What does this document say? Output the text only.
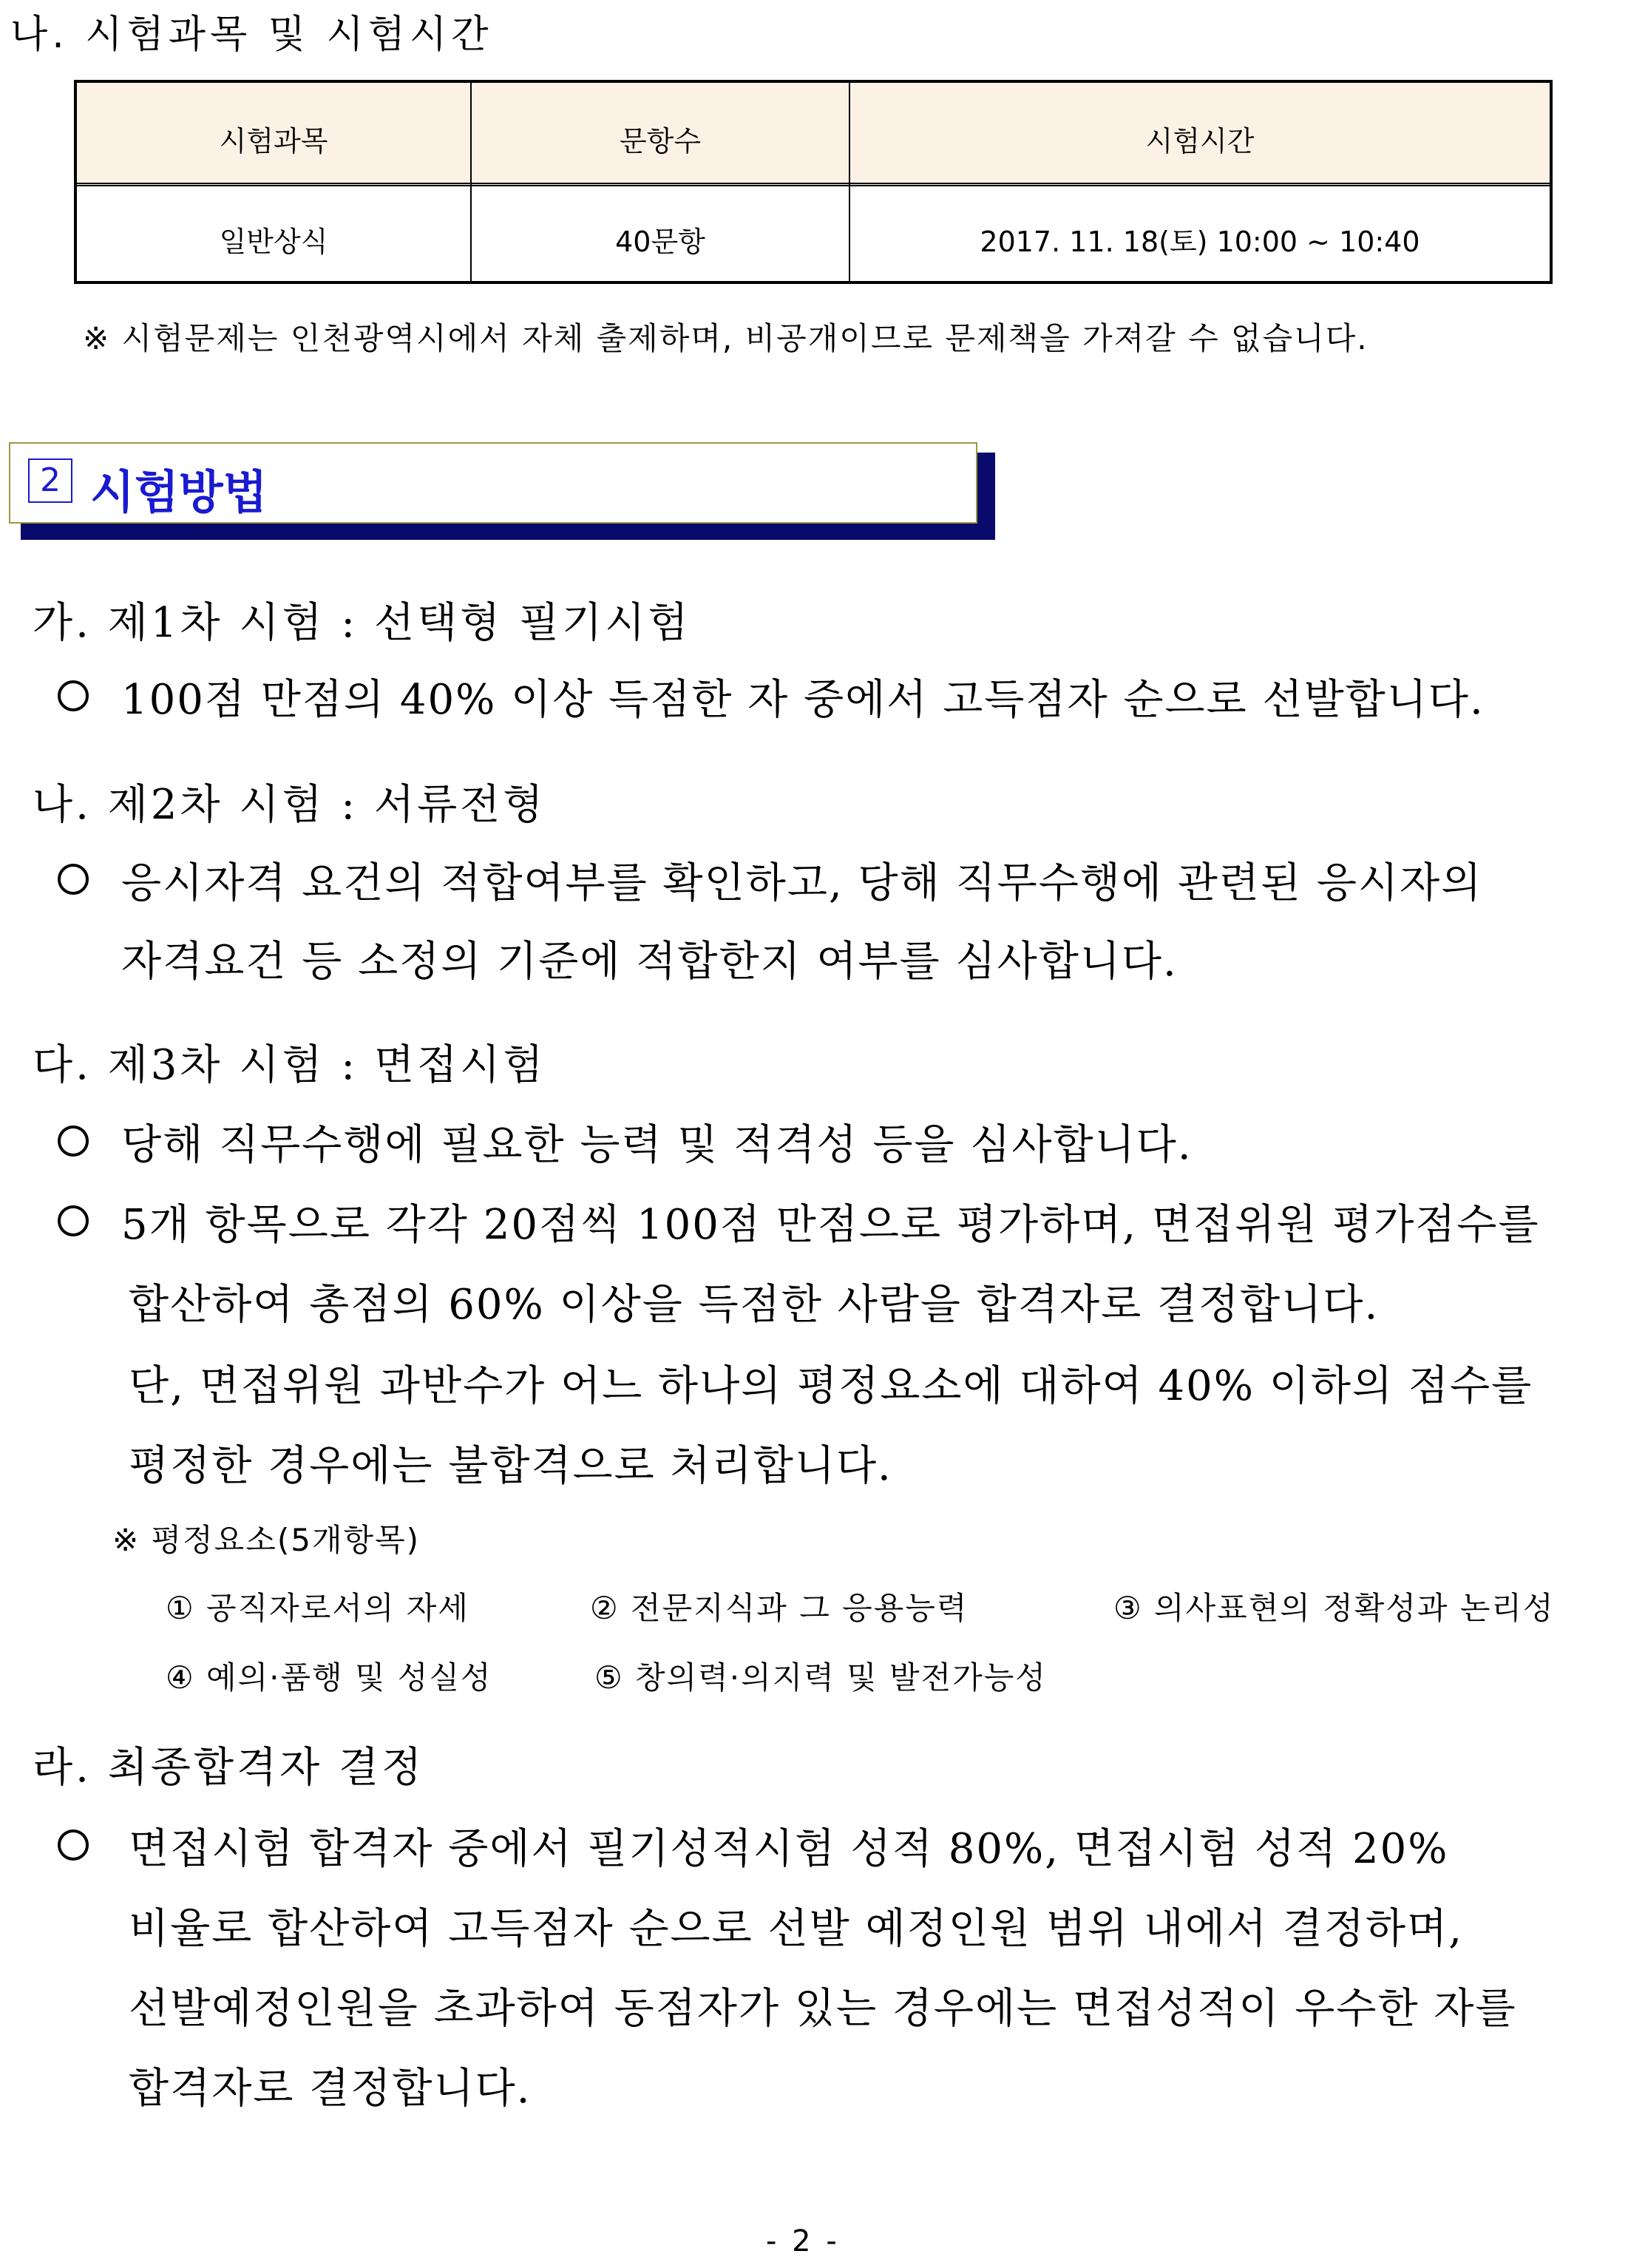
나. 시험과목 및 시험시간
시험과목	문항수	시험시간
일반상식	40문항	2017. 11. 18(토) 10:00 ~ 10:40
※ 시험문제는 인천광역시에서 자체 출제하며, 비공개이므로 문제책을 가져갈 수 없습니다.
2 시험방법
가. 제1차 시험 : 선택형 필기시험
100점 만점의 40% 이상 득점한 자 중에서 고득점자 순으로 선발합니다.
나. 제2차 시험 : 서류전형
응시자격 요건의 적합여부를 확인하고, 당해 직무수행에 관련된 응시자의
자격요건 등 소정의 기준에 적합한지 여부를 심사합니다.
다. 제3차 시험 : 면접시험
당해 직무수행에 필요한 능력 및 적격성 등을 심사합니다.
5개 항목으로 각각 20점씩 100점 만점으로 평가하며, 면접위원 평가점수를
합산하여 총점의 60% 이상을 득점한 사람을 합격자로 결정합니다.
단, 면접위원 과반수가 어느 하나의 평정요소에 대하여 40% 이하의 점수를
평정한 경우에는 불합격으로 처리합니다.
※ 평정요소(5개항목)
① 공직자로서의 자세	② 전문지식과 그 응용능력	③ 의사표현의 정확성과 논리성
④ 예의·품행 및 성실성	⑤ 창의력·의지력 및 발전가능성
라. 최종합격자 결정
면접시험 합격자 중에서 필기성적시험 성적 80%, 면접시험 성적 20%
비율로 합산하여 고득점자 순으로 선발 예정인원 범위 내에서 결정하며,
선발예정인원을 초과하여 동점자가 있는 경우에는 면접성적이 우수한 자를
합격자로 결정합니다.
- 2 -
